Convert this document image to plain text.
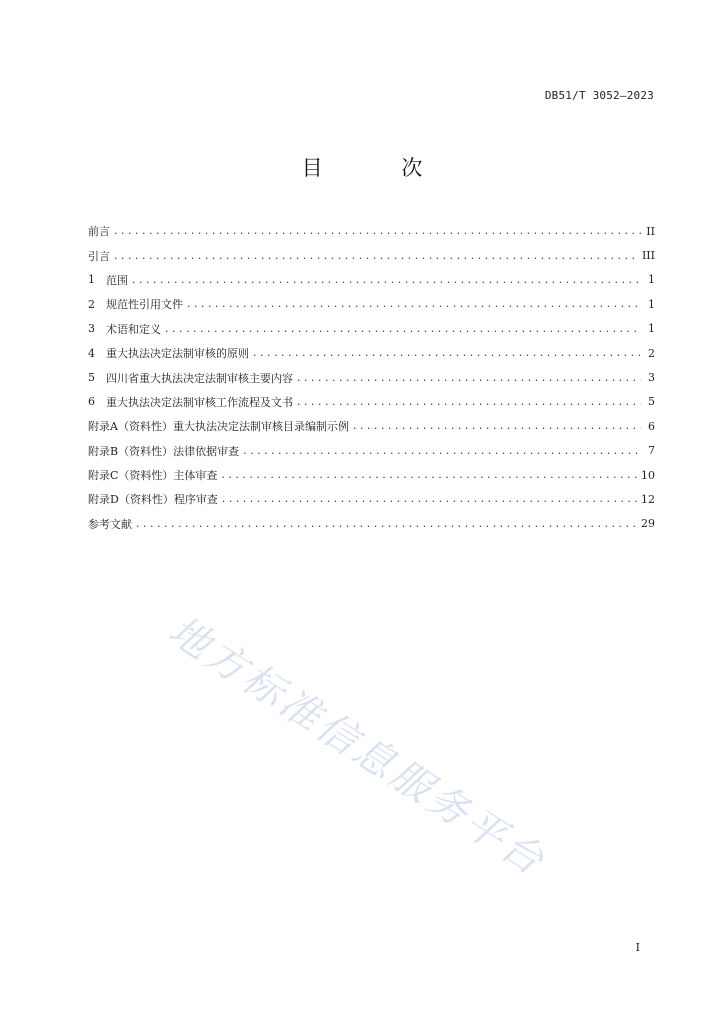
DB51/T 3052—2023
目 次
前言 . . .	II
引言 . . .	III
1	范围 . . .	1
2	规范性引用文件 . . .	1
3	术语和定义 . . .	1
4	重大执法决定法制审核的原则 . . .	2
5	四川省重大执法决定法制审核主要内容 . . .	3
6	重大执法决定法制审核工作流程及文书 . . .	5
附录A（资料性） 重大执法决定法制审核目录编制示例 . . .	6
附录B（资料性） 法律依据审查 . . .	7
附录C（资料性） 主体审查 . . .	10
附录D（资料性） 程序审查 . . .	12
参考文献 . . .	29
地方标准信息服务平台
I
